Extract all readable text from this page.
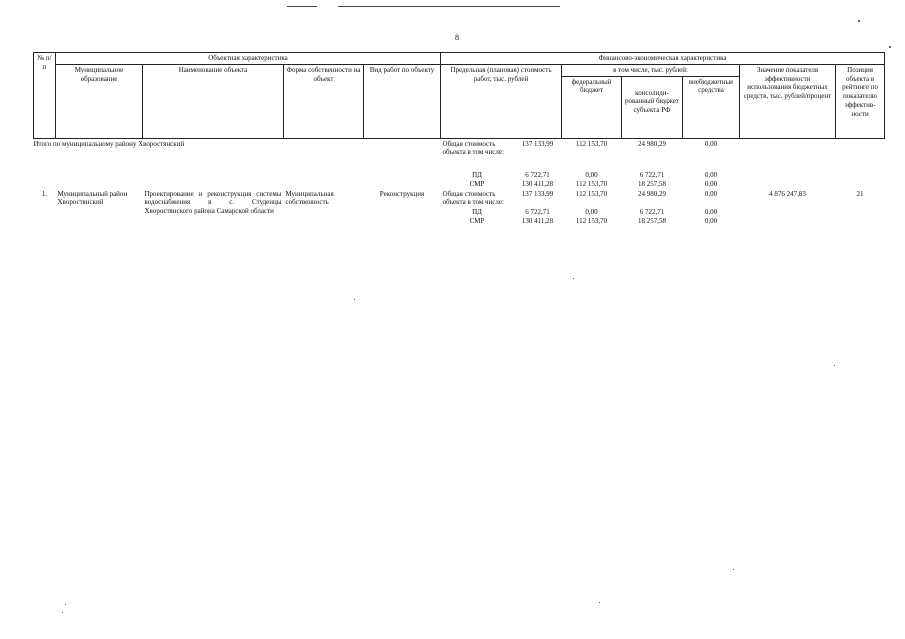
8
№ п/п	Объектная характеристика				Финансово-экономическая характеристика						
	Муниципальное образование	Наименование объекта	Форма собственности на объект	Вид работ по объекту	Предельная (плановая) стоимость работ, тыс. рублей		в том числе, тыс. рублей:			Значение показателя эффективности использования бюджетных средств, тыс. рублей/процент	Позиция объекта в рейтинге по показателю эффектив-ности
							федеральный бюджет	консолиди-рованный бюджет субъекта РФ	внебюджетные средства		
Итого по муниципальному району Хворостянский					Общая стоимость объекта в том числе:	137 133,99	112 153,70	24 980,29	0,00		

					ПД	6 722,71	0,00	6 722,71	0,00		
					СМР	130 411,28	112 153,70	18 257,58	0,00		
1.	Муниципальный район Хворостянский	Проектирование и реконструкция системы водоснабжения в с. Студенцы Хворостянского района Самарской области	Муниципальная собственность	Реконструкция	Общая стоимость объекта в том числе:	137 133,99	112 153,70	24 980,29	0,00	4 876 247,83	21
					ПД	6 722,71	0,00	6 722,71	0,00		
					СМР	130 411,28	112 153,70	18 257,58	0,00		
